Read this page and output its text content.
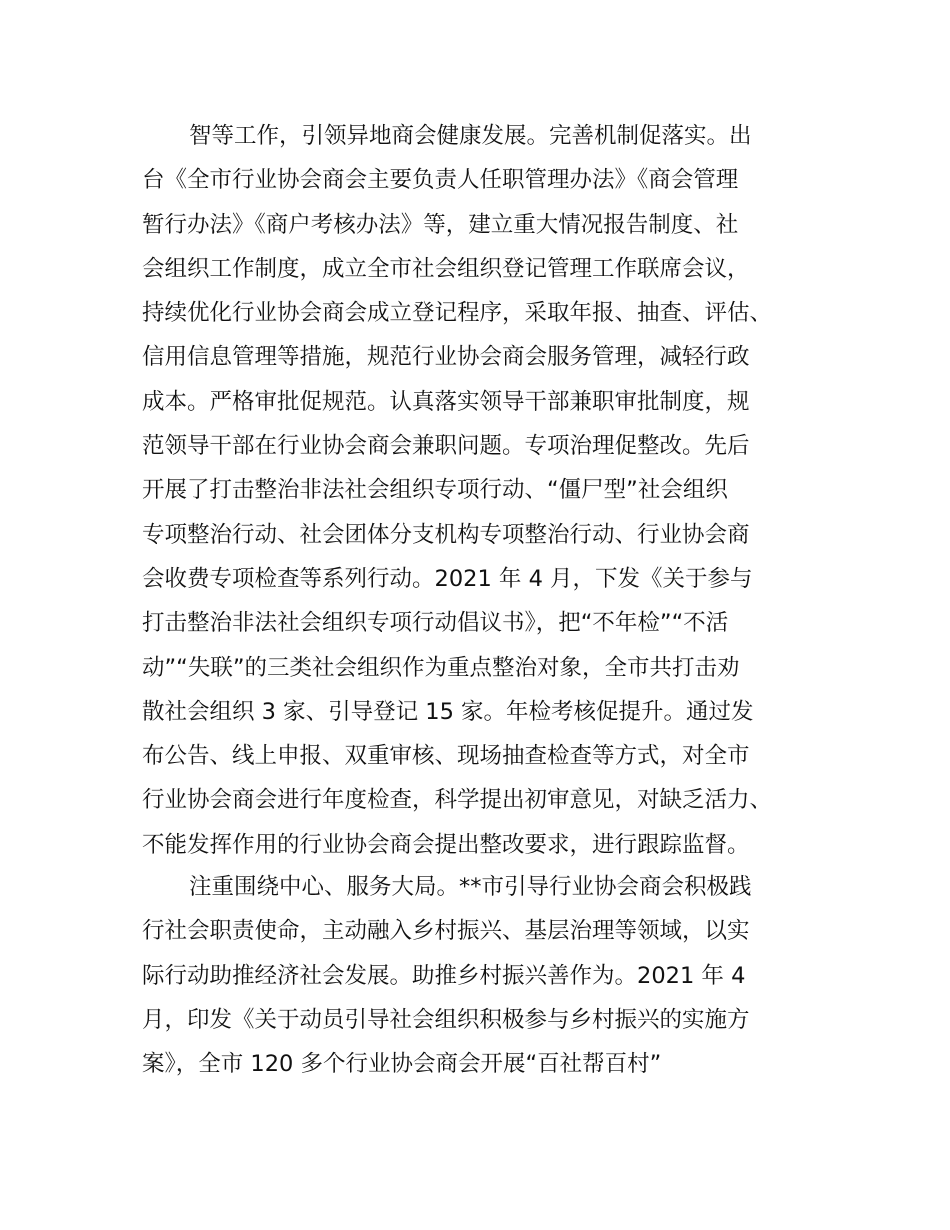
智等工作，引领异地商会健康发展。完善机制促落实。出
台《全市行业协会商会主要负责人任职管理办法》《商会管理
暂行办法》《商户考核办法》等，建立重大情况报告制度、社
会组织工作制度，成立全市社会组织登记管理工作联席会议，
持续优化行业协会商会成立登记程序，采取年报、抽查、评估、
信用信息管理等措施，规范行业协会商会服务管理，减轻行政
成本。严格审批促规范。认真落实领导干部兼职审批制度，规
范领导干部在行业协会商会兼职问题。专项治理促整改。先后
开展了打击整治非法社会组织专项行动、“僵尸型”社会组织
专项整治行动、社会团体分支机构专项整治行动、行业协会商
会收费专项检查等系列行动。2021 年 4 月，下发《关于参与
打击整治非法社会组织专项行动倡议书》，把“不年检”“不活
动”“失联”的三类社会组织作为重点整治对象，全市共打击劝
散社会组织 3 家、引导登记 15 家。年检考核促提升。通过发
布公告、线上申报、双重审核、现场抽查检查等方式，对全市
行业协会商会进行年度检查，科学提出初审意见，对缺乏活力、
不能发挥作用的行业协会商会提出整改要求，进行跟踪监督。
注重围绕中心、服务大局。**市引导行业协会商会积极践
行社会职责使命，主动融入乡村振兴、基层治理等领域，以实
际行动助推经济社会发展。助推乡村振兴善作为。2021 年 4
月，印发《关于动员引导社会组织积极参与乡村振兴的实施方
案》，全市 120 多个行业协会商会开展“百社帮百村”
